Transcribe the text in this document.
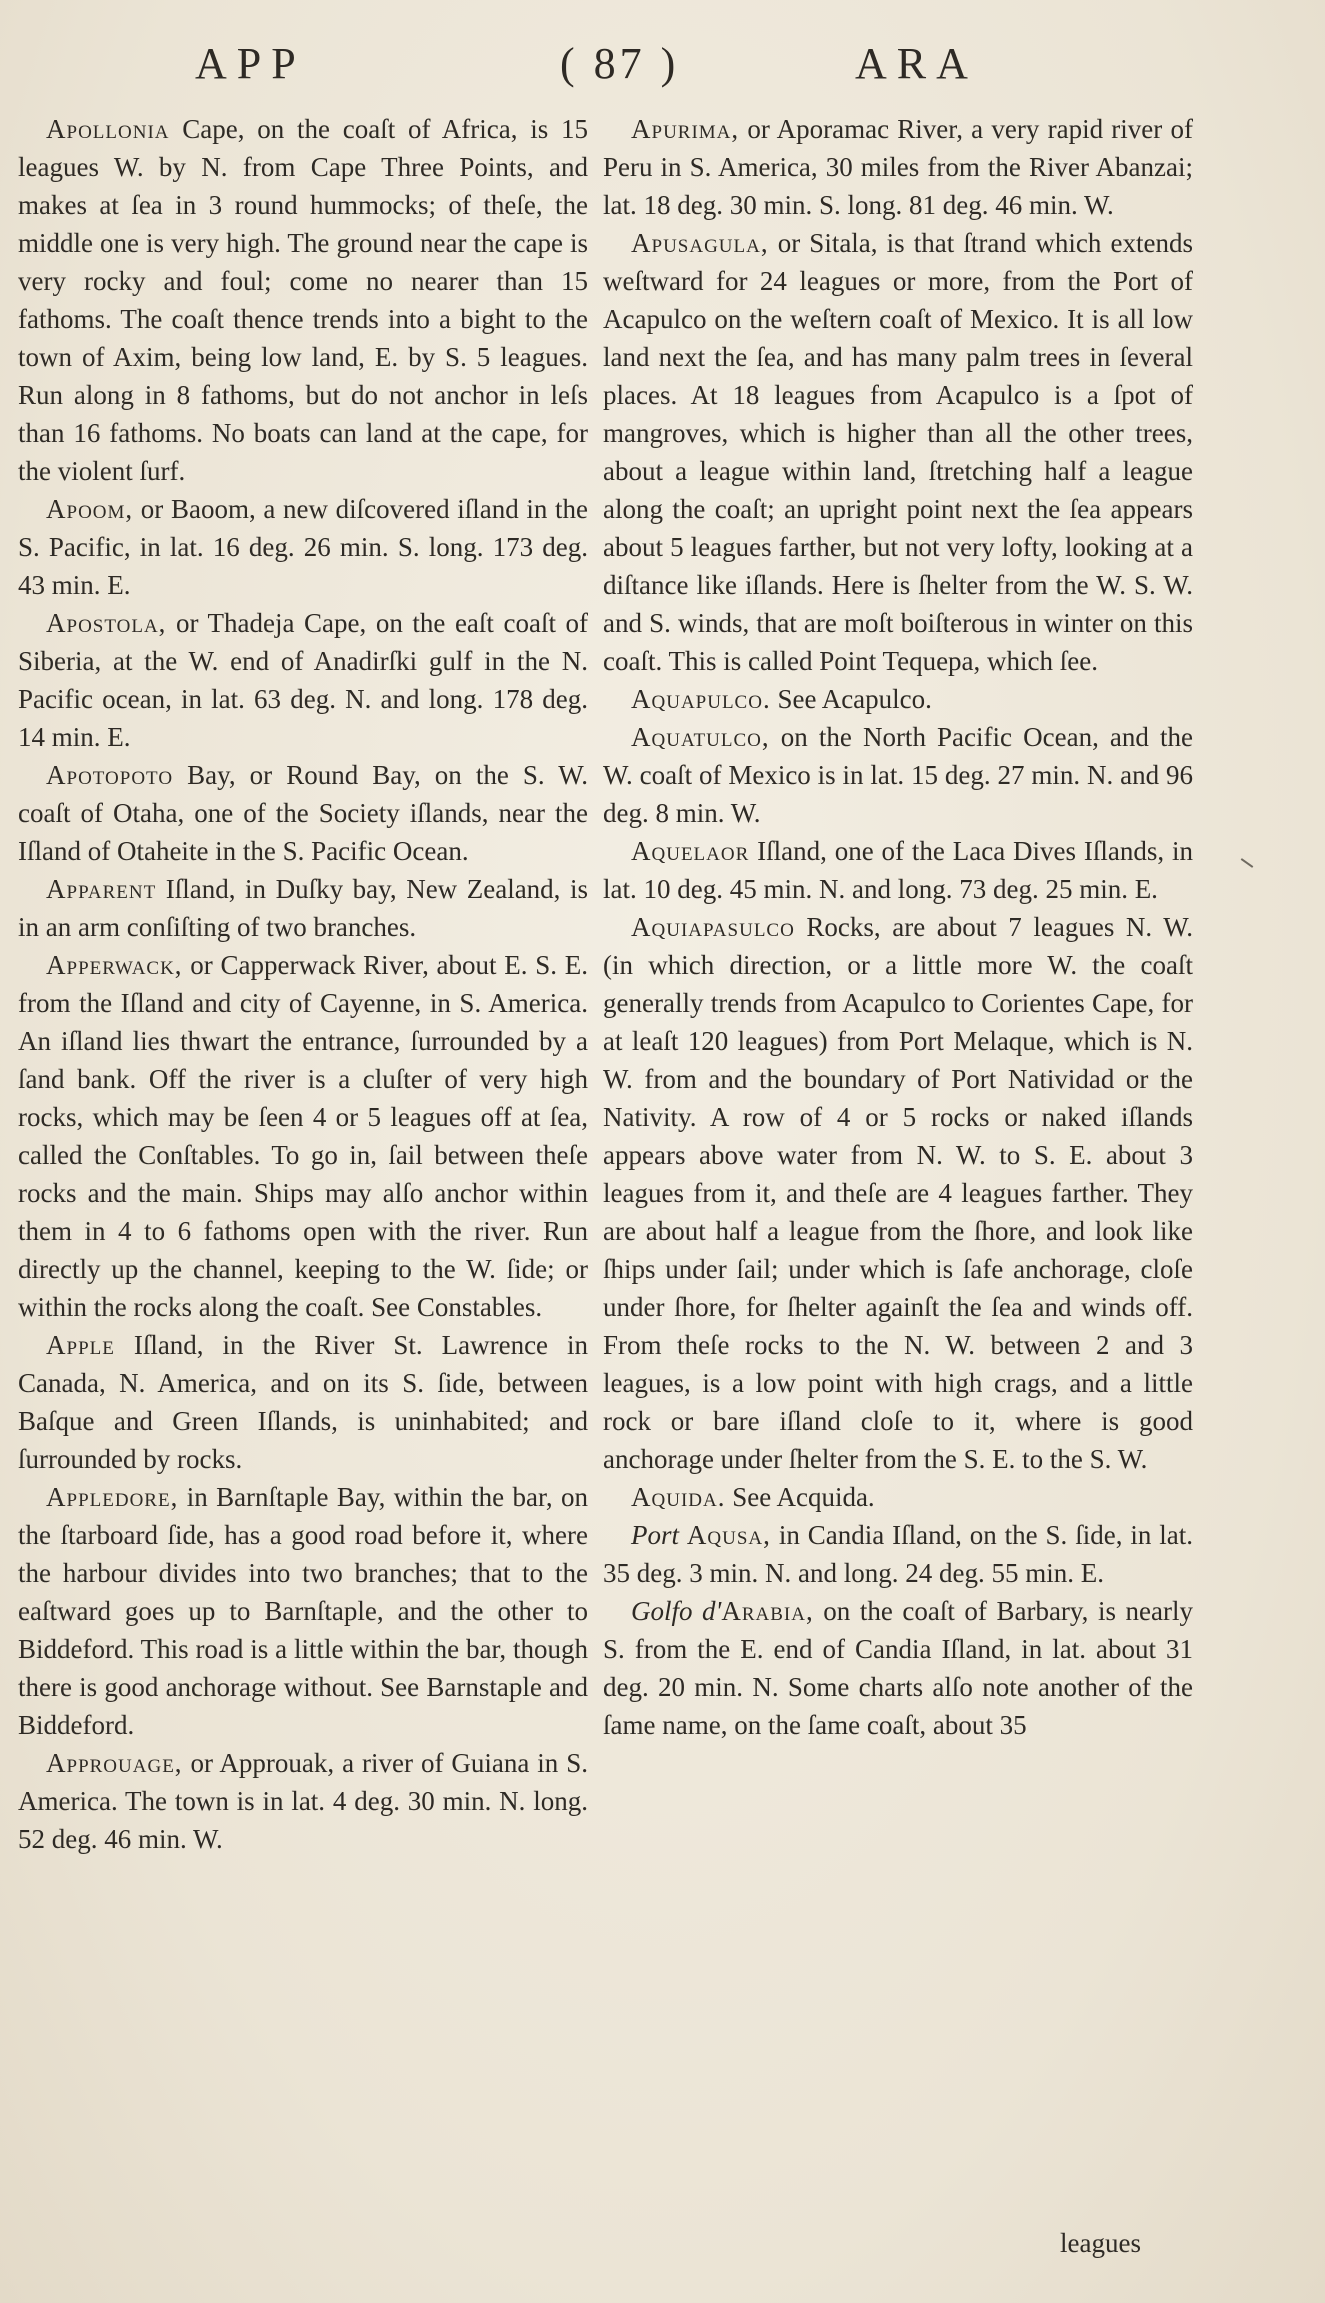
APP	( 87 )	ARA

Apollonia Cape, on the coaſt of Africa, is 15 leagues W. by N. from Cape Three Points, and makes at ſea in 3 round hummocks; of theſe, the middle one is very high. The ground near the cape is very rocky and foul; come no nearer than 15 fathoms. The coaſt thence trends into a bight to the town of Axim, being low land, E. by S. 5 leagues. Run along in 8 fathoms, but do not anchor in leſs than 16 fathoms. No boats can land at the cape, for the violent ſurf.

Apoom, or Baoom, a new diſcovered iſland in the S. Pacific, in lat. 16 deg. 26 min. S. long. 173 deg. 43 min. E.

Apostola, or Thadeja Cape, on the eaſt coaſt of Siberia, at the W. end of Anadirſki gulf in the N. Pacific ocean, in lat. 63 deg. N. and long. 178 deg. 14 min. E.

Apotopoto Bay, or Round Bay, on the S. W. coaſt of Otaha, one of the Society iſlands, near the Iſland of Otaheite in the S. Pacific Ocean.

Apparent Iſland, in Duſky bay, New Zealand, is in an arm conſiſting of two branches.

Apperwack, or Capperwack River, about E. S. E. from the Iſland and city of Cayenne, in S. America. An iſland lies thwart the entrance, ſurrounded by a ſand bank. Off the river is a cluſter of very high rocks, which may be ſeen 4 or 5 leagues off at ſea, called the Conſtables. To go in, ſail between theſe rocks and the main. Ships may alſo anchor within them in 4 to 6 fathoms open with the river. Run directly up the channel, keeping to the W. ſide; or within the rocks along the coaſt. See Constables.

Apple Iſland, in the River St. Lawrence in Canada, N. America, and on its S. ſide, between Baſque and Green Iſlands, is uninhabited; and ſurrounded by rocks.

Appledore, in Barnſtaple Bay, within the bar, on the ſtarboard ſide, has a good road before it, where the harbour divides into two branches; that to the eaſtward goes up to Barnſtaple, and the other to Biddeford. This road is a little within the bar, though there is good anchorage without. See Barnstaple and Biddeford.

Approuage, or Approuak, a river of Guiana in S. America. The town is in lat. 4 deg. 30 min. N. long. 52 deg. 46 min. W.

Apurima, or Aporamac River, a very rapid river of Peru in S. America, 30 miles from the River Abanzai; lat. 18 deg. 30 min. S. long. 81 deg. 46 min. W.

Apusagula, or Sitala, is that ſtrand which extends weſtward for 24 leagues or more, from the Port of Acapulco on the weſtern coaſt of Mexico. It is all low land next the ſea, and has many palm trees in ſeveral places. At 18 leagues from Acapulco is a ſpot of mangroves, which is higher than all the other trees, about a league within land, ſtretching half a league along the coaſt; an upright point next the ſea appears about 5 leagues farther, but not very lofty, looking at a diſtance like iſlands. Here is ſhelter from the W. S. W. and S. winds, that are moſt boiſterous in winter on this coaſt. This is called Point Tequepa, which ſee.

Aquapulco. See Acapulco.

Aquatulco, on the North Pacific Ocean, and the W. coaſt of Mexico is in lat. 15 deg. 27 min. N. and 96 deg. 8 min. W.

Aquelaor Iſland, one of the Laca Dives Iſlands, in lat. 10 deg. 45 min. N. and long. 73 deg. 25 min. E.

Aquiapasulco Rocks, are about 7 leagues N. W. (in which direction, or a little more W. the coaſt generally trends from Acapulco to Corientes Cape, for at leaſt 120 leagues) from Port Melaque, which is N. W. from and the boundary of Port Natividad or the Nativity. A row of 4 or 5 rocks or naked iſlands appears above water from N. W. to S. E. about 3 leagues from it, and theſe are 4 leagues farther. They are about half a league from the ſhore, and look like ſhips under ſail; under which is ſafe anchorage, cloſe under ſhore, for ſhelter againſt the ſea and winds off. From theſe rocks to the N. W. between 2 and 3 leagues, is a low point with high crags, and a little rock or bare iſland cloſe to it, where is good anchorage under ſhelter from the S. E. to the S. W.

Aquida. See Acquida.

Port Aqusa, in Candia Iſland, on the S. ſide, in lat. 35 deg. 3 min. N. and long. 24 deg. 55 min. E.

Golfo d'Arabia, on the coaſt of Barbary, is nearly S. from the E. end of Candia Iſland, in lat. about 31 deg. 20 min. N. Some charts alſo note another of the ſame name, on the ſame coaſt, about 35

leagues
